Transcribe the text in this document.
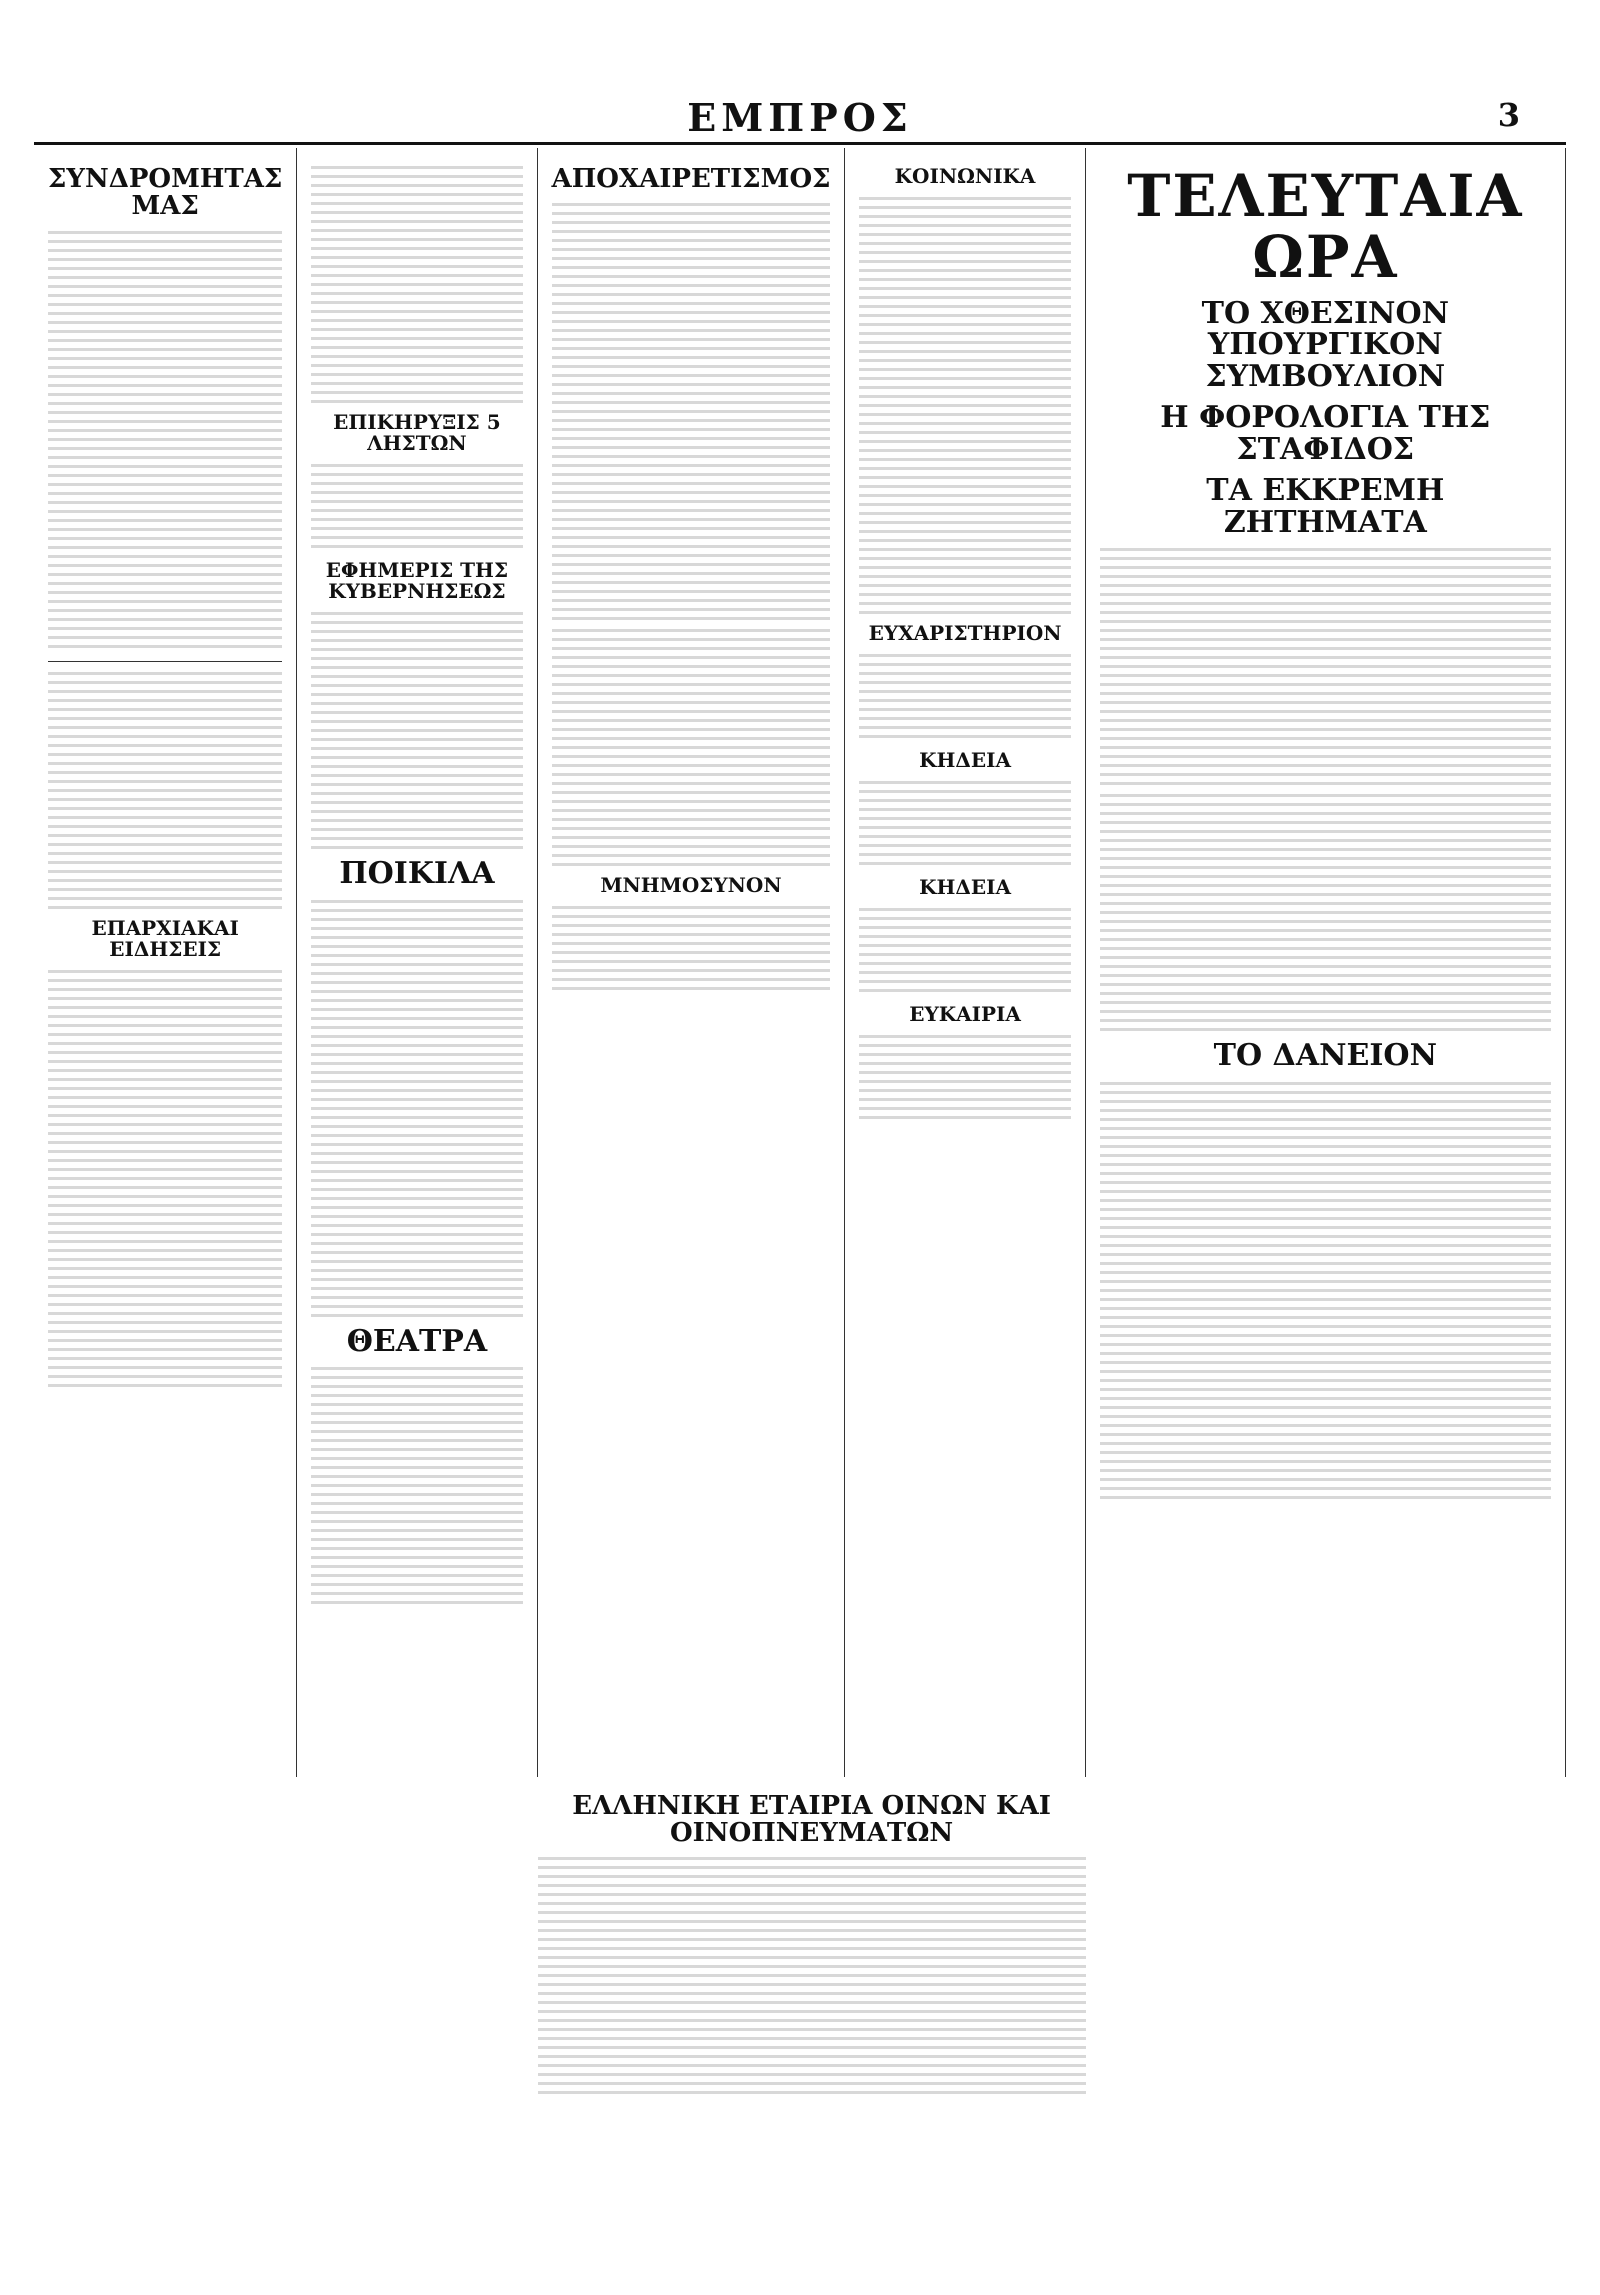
ΕΜΠΡΟΣ	3
ΣΥΝΔΡΟΜΗΤΑΣ ΜΑΣ
ΕΠΑΡΧΙΑΚΑΙ ΕΙΔΗΣΕΙΣ
ΕΠΙΚΗΡΥΞΙΣ 5 ΛΗΣΤΩΝ
ΕΦΗΜΕΡΙΣ ΤΗΣ ΚΥΒΕΡΝΗΣΕΩΣ
ΠΟΙΚΙΛΑ
ΘΕΑΤΡΑ
ΑΠΟΧΑΙΡΕΤΙΣΜΟΣ
ΜΝΗΜΟΣΥΝΟΝ
ΚΟΙΝΩΝΙΚΑ
ΕΥΧΑΡΙΣΤΗΡΙΟΝ
ΚΗΔΕΙΑ
ΚΗΔΕΙΑ
ΕΥΚΑΙΡΙΑ
ΤΕΛΕΥΤΑΙΑ ΩΡΑ
ΤΟ ΧΘΕΣΙΝΟΝ ΥΠΟΥΡΓΙΚΟΝ ΣΥΜΒΟΥΛΙΟΝ
Η ΦΟΡΟΛΟΓΙΑ ΤΗΣ ΣΤΑΦΙΔΟΣ
ΤΑ ΕΚΚΡΕΜΗ ΖΗΤΗΜΑΤΑ
ΤΟ ΔΑΝΕΙΟΝ
ΕΛΛΗΝΙΚΗ ΕΤΑΙΡΙΑ ΟΙΝΩΝ ΚΑΙ ΟΙΝΟΠΝΕΥΜΑΤΩΝ
